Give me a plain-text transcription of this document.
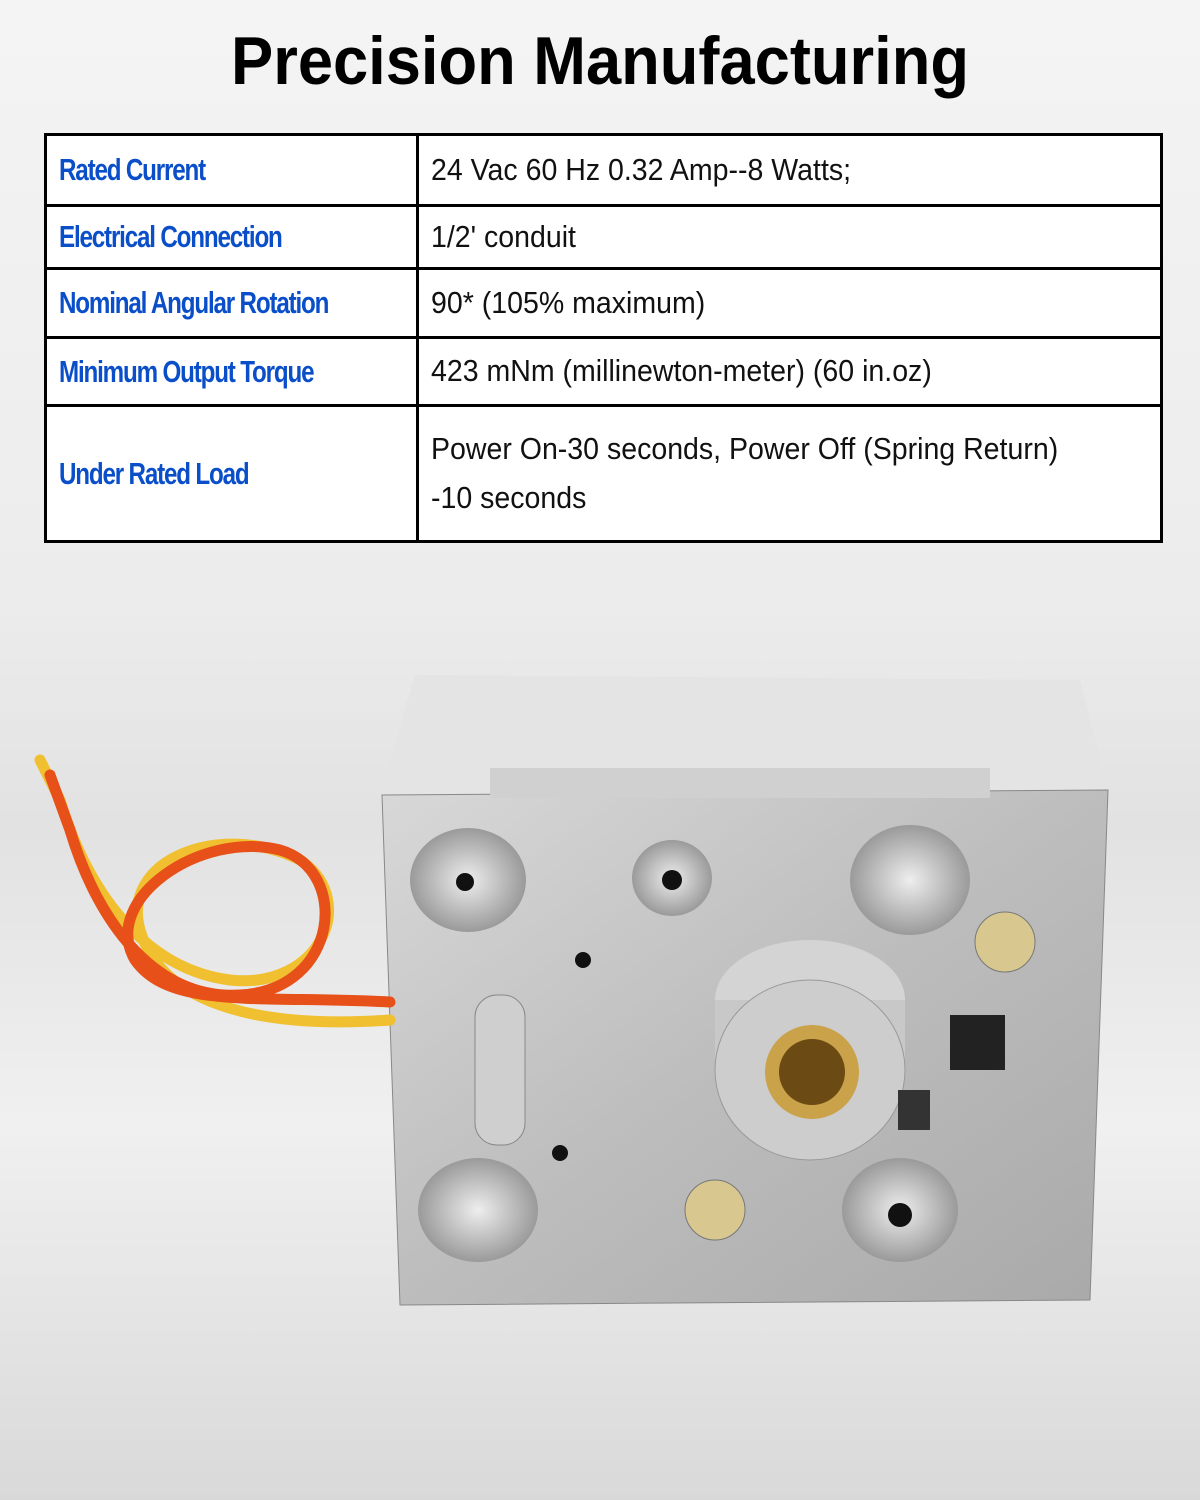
Precision Manufacturing
Rated Current	24 Vac 60 Hz 0.32 Amp--8 Watts;
Electrical Connection	1/2' conduit
Nominal Angular Rotation	90* (105% maximum)
Minimum Output Torque	423 mNm (millinewton-meter) (60 in.oz)
Under Rated Load	Power On-30 seconds, Power Off (Spring Return)
-10 seconds
